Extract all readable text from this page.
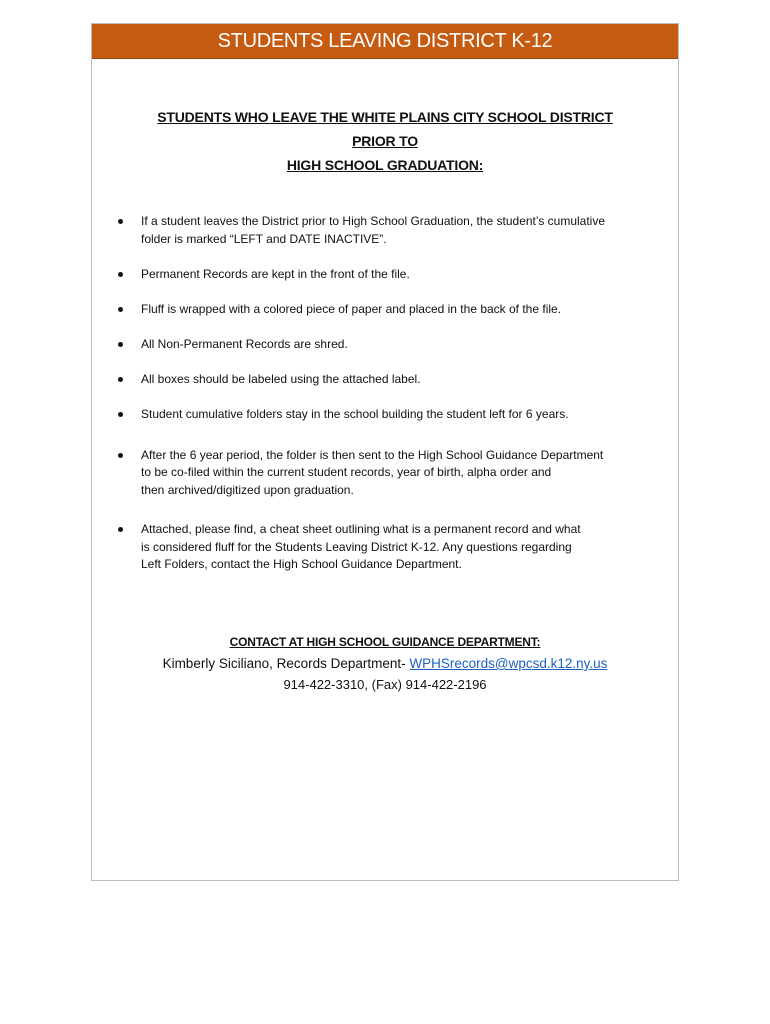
STUDENTS LEAVING DISTRICT K-12
STUDENTS WHO LEAVE THE WHITE PLAINS CITY SCHOOL DISTRICT
PRIOR TO
HIGH SCHOOL GRADUATION:
If a student leaves the District prior to High School Graduation, the student’s cumulative
folder is marked “LEFT and DATE INACTIVE”.
Permanent Records are kept in the front of the file.
Fluff is wrapped with a colored piece of paper and placed in the back of the file.
All Non-Permanent Records are shred.
All boxes should be labeled using the attached label.
Student cumulative folders stay in the school building the student left for 6 years.
After the 6 year period, the folder is then sent to the High School Guidance Department
to be co-filed within the current student records, year of birth, alpha order and
then archived/digitized upon graduation.
Attached, please find, a cheat sheet outlining what is a permanent record and what
is considered fluff for the Students Leaving District K-12. Any questions regarding
Left Folders, contact the High School Guidance Department.
CONTACT AT HIGH SCHOOL GUIDANCE DEPARTMENT:
Kimberly Siciliano, Records Department- WPHSrecords@wpcsd.k12.ny.us
914-422-3310, (Fax) 914-422-2196
